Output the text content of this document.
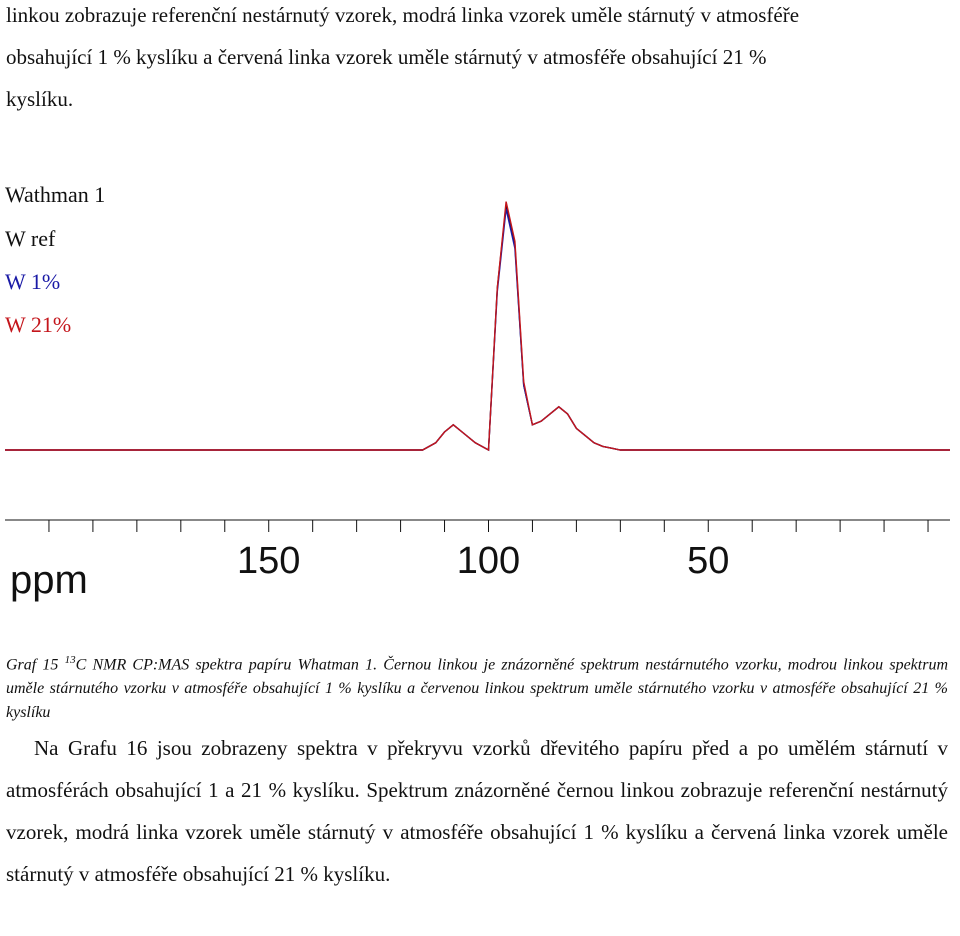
linkou zobrazuje referenční nestárnutý vzorek, modrá linka vzorek uměle stárnutý v atmosféře
obsahující 1 % kyslíku a červená linka vzorek uměle stárnutý v atmosféře obsahující 21 %
kyslíku.
Wathman 1
W ref
W 1%
W 21%
ppm	150	100	50
Graf 15 $^{13}$C NMR CP:MAS spektra papíru Whatman 1. Černou linkou je znázorněné spektrum nestárnutého vzorku, modrou linkou spektrum uměle stárnutého vzorku v atmosféře obsahující 1 % kyslíku a červenou linkou spektrum uměle stárnutého vzorku v atmosféře obsahující 21 % kyslíku

Na Grafu 16 jsou zobrazeny spektra v překryvu vzorků dřevitého papíru před a po umělém stárnutí v atmosférách obsahující 1 a 21 % kyslíku. Spektrum znázorněné černou linkou zobrazuje referenční nestárnutý vzorek, modrá linka vzorek uměle stárnutý v atmosféře obsahující 1 % kyslíku a červená linka vzorek uměle stárnutý v atmosféře obsahující 21 % kyslíku.
